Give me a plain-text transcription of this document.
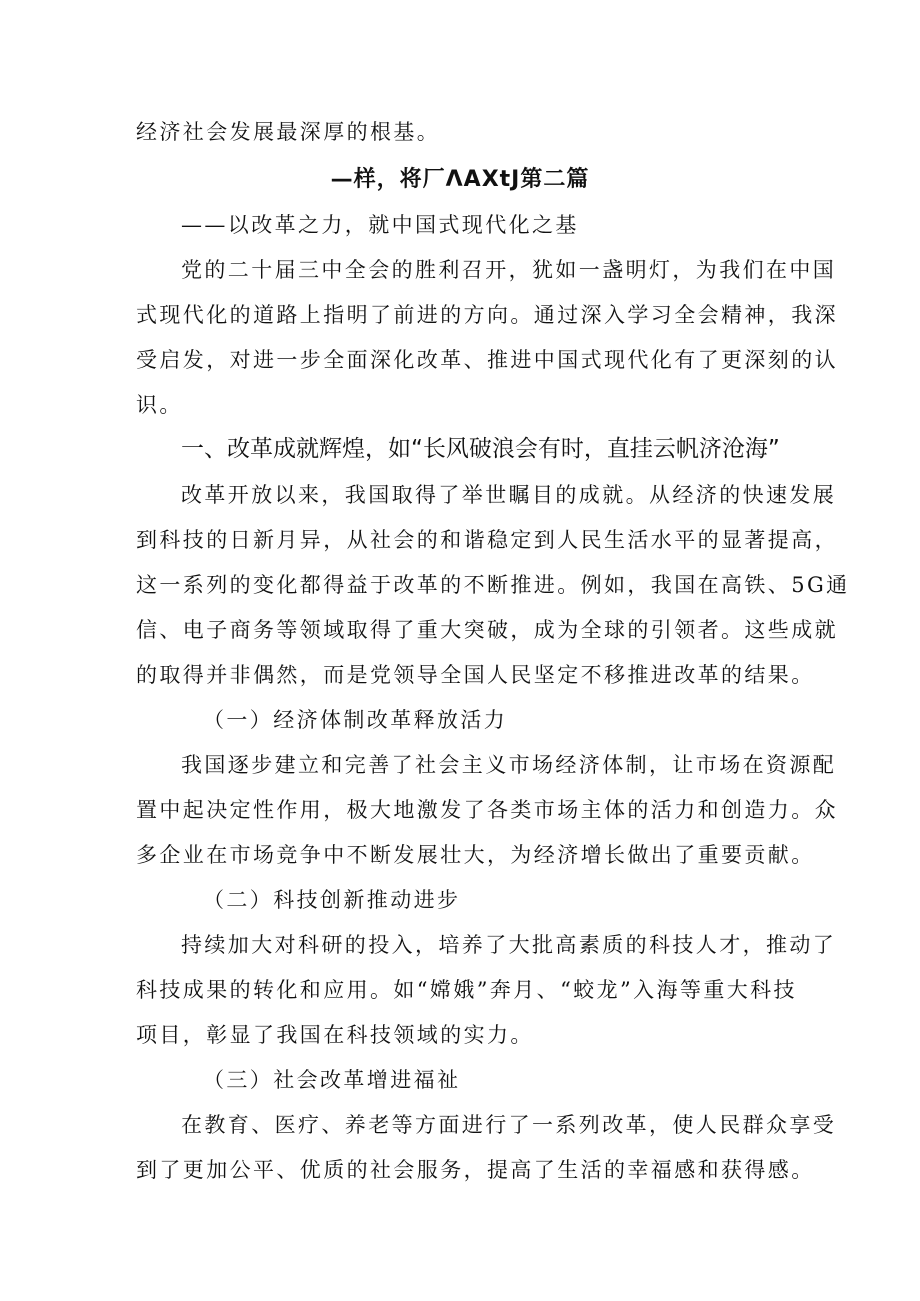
经济社会发展最深厚的根基。
—样，将厂ΛAXtJ第二篇
——以改革之力，就中国式现代化之基
党的二十届三中全会的胜利召开，犹如一盏明灯，为我们在中国
式现代化的道路上指明了前进的方向。通过深入学习全会精神，我深
受启发，对进一步全面深化改革、推进中国式现代化有了更深刻的认
识。
一、改革成就辉煌，如“长风破浪会有时，直挂云帆济沧海”
改革开放以来，我国取得了举世瞩目的成就。从经济的快速发展
到科技的日新月异，从社会的和谐稳定到人民生活水平的显著提高，
这一系列的变化都得益于改革的不断推进。例如，我国在高铁、5G通
信、电子商务等领域取得了重大突破，成为全球的引领者。这些成就
的取得并非偶然，而是党领导全国人民坚定不移推进改革的结果。
（一）经济体制改革释放活力
我国逐步建立和完善了社会主义市场经济体制，让市场在资源配
置中起决定性作用，极大地激发了各类市场主体的活力和创造力。众
多企业在市场竞争中不断发展壮大，为经济增长做出了重要贡献。
（二）科技创新推动进步
持续加大对科研的投入，培养了大批高素质的科技人才，推动了
科技成果的转化和应用。如“嫦娥”奔月、“蛟龙”入海等重大科技
项目，彰显了我国在科技领域的实力。
（三）社会改革增进福祉
在教育、医疗、养老等方面进行了一系列改革，使人民群众享受
到了更加公平、优质的社会服务，提高了生活的幸福感和获得感。
